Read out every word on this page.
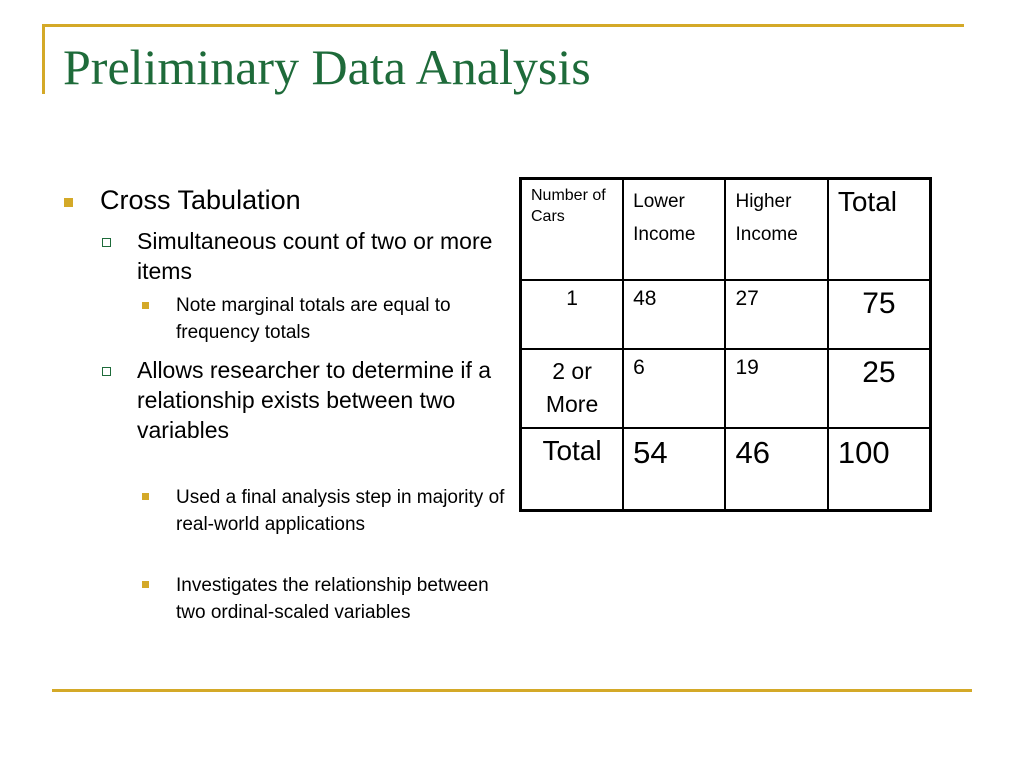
Preliminary Data Analysis
Cross Tabulation
Simultaneous count of two or more items
Note marginal totals are equal to frequency totals
Allows researcher to determine if a relationship exists between two variables
Used a final analysis step in majority of real-world applications
Investigates the relationship between two ordinal-scaled variables
Number of Cars	Lower Income	Higher Income	Total
1	48	27	75
2 or More	6	19	25
Total	54	46	100
